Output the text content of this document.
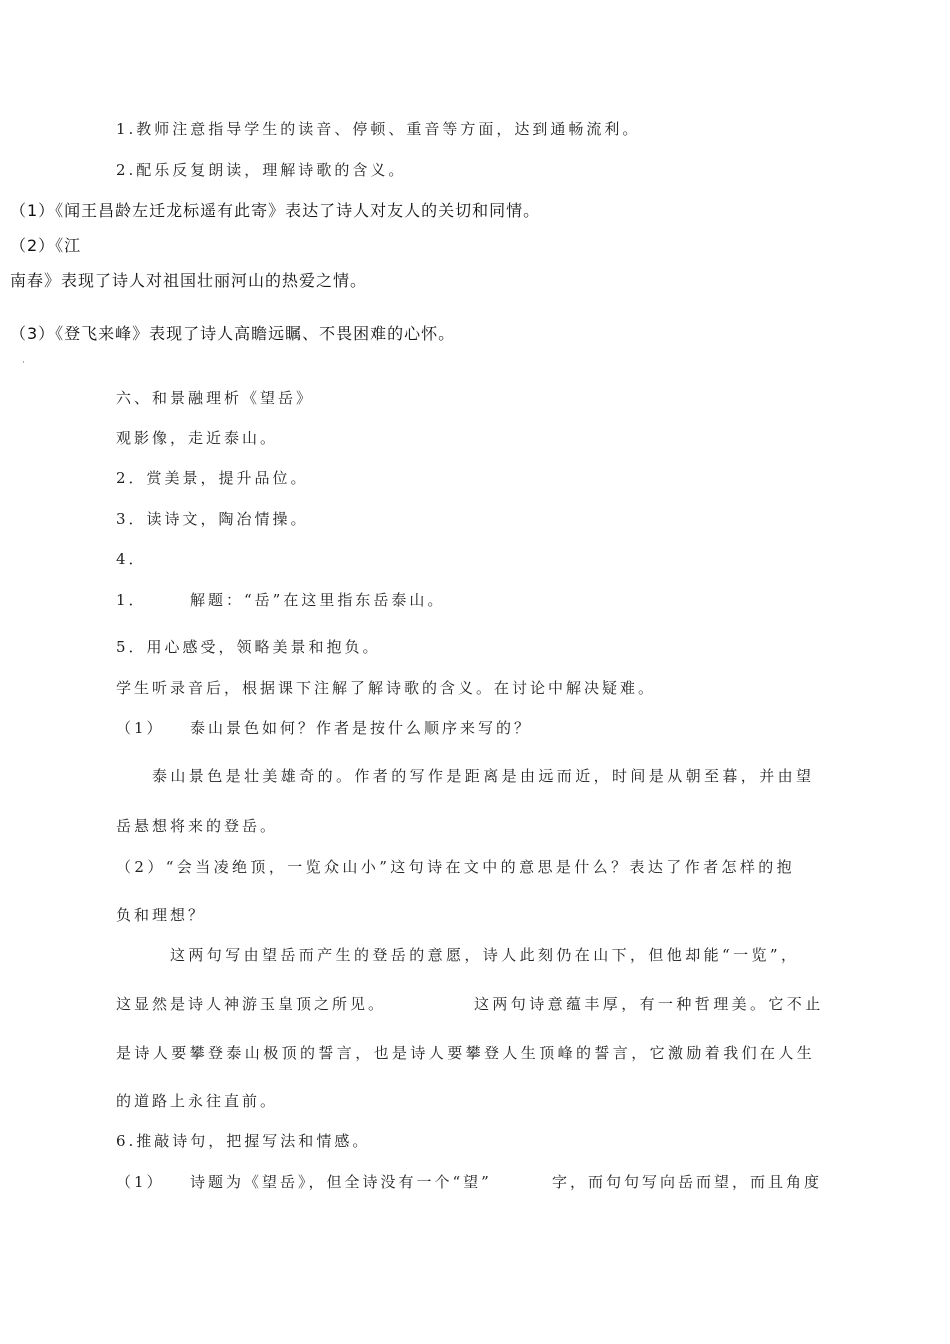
1.教师注意指导学生的读音、停顿、重音等方面，达到通畅流利。
2.配乐反复朗读，理解诗歌的含义。
（1）《闻王昌龄左迁龙标遥有此寄》表达了诗人对友人的关切和同情。
（2）《江
南春》表现了诗人对祖国壮丽河山的热爱之情。
（3）《登飞来峰》表现了诗人高瞻远瞩、不畏困难的心怀。
·
六、和景融理析《望岳》
观影像，走近泰山。
2．赏美景，提升品位。
3．读诗文，陶冶情操。
4．
1．	解题：“岳”在这里指东岳泰山。
5．用心感受，领略美景和抱负。
学生听录音后，根据课下注解了解诗歌的含义。在讨论中解决疑难。
（1） 泰山景色如何？作者是按什么顺序来写的？
泰山景色是壮美雄奇的。作者的写作是距离是由远而近，时间是从朝至暮，并由望
岳悬想将来的登岳。
（2）“会当凌绝顶，一览众山小”这句诗在文中的意思是什么？表达了作者怎样的抱
负和理想？
这两句写由望岳而产生的登岳的意愿，诗人此刻仍在山下，但他却能“一览”，
这显然是诗人神游玉皇顶之所见。	这两句诗意蕴丰厚，有一种哲理美。它不止
是诗人要攀登泰山极顶的誓言，也是诗人要攀登人生顶峰的誓言，它激励着我们在人生
的道路上永往直前。
6.推敲诗句，把握写法和情感。
（1） 诗题为《望岳》，但全诗没有一个“望”	字，而句句写向岳而望，而且角度
